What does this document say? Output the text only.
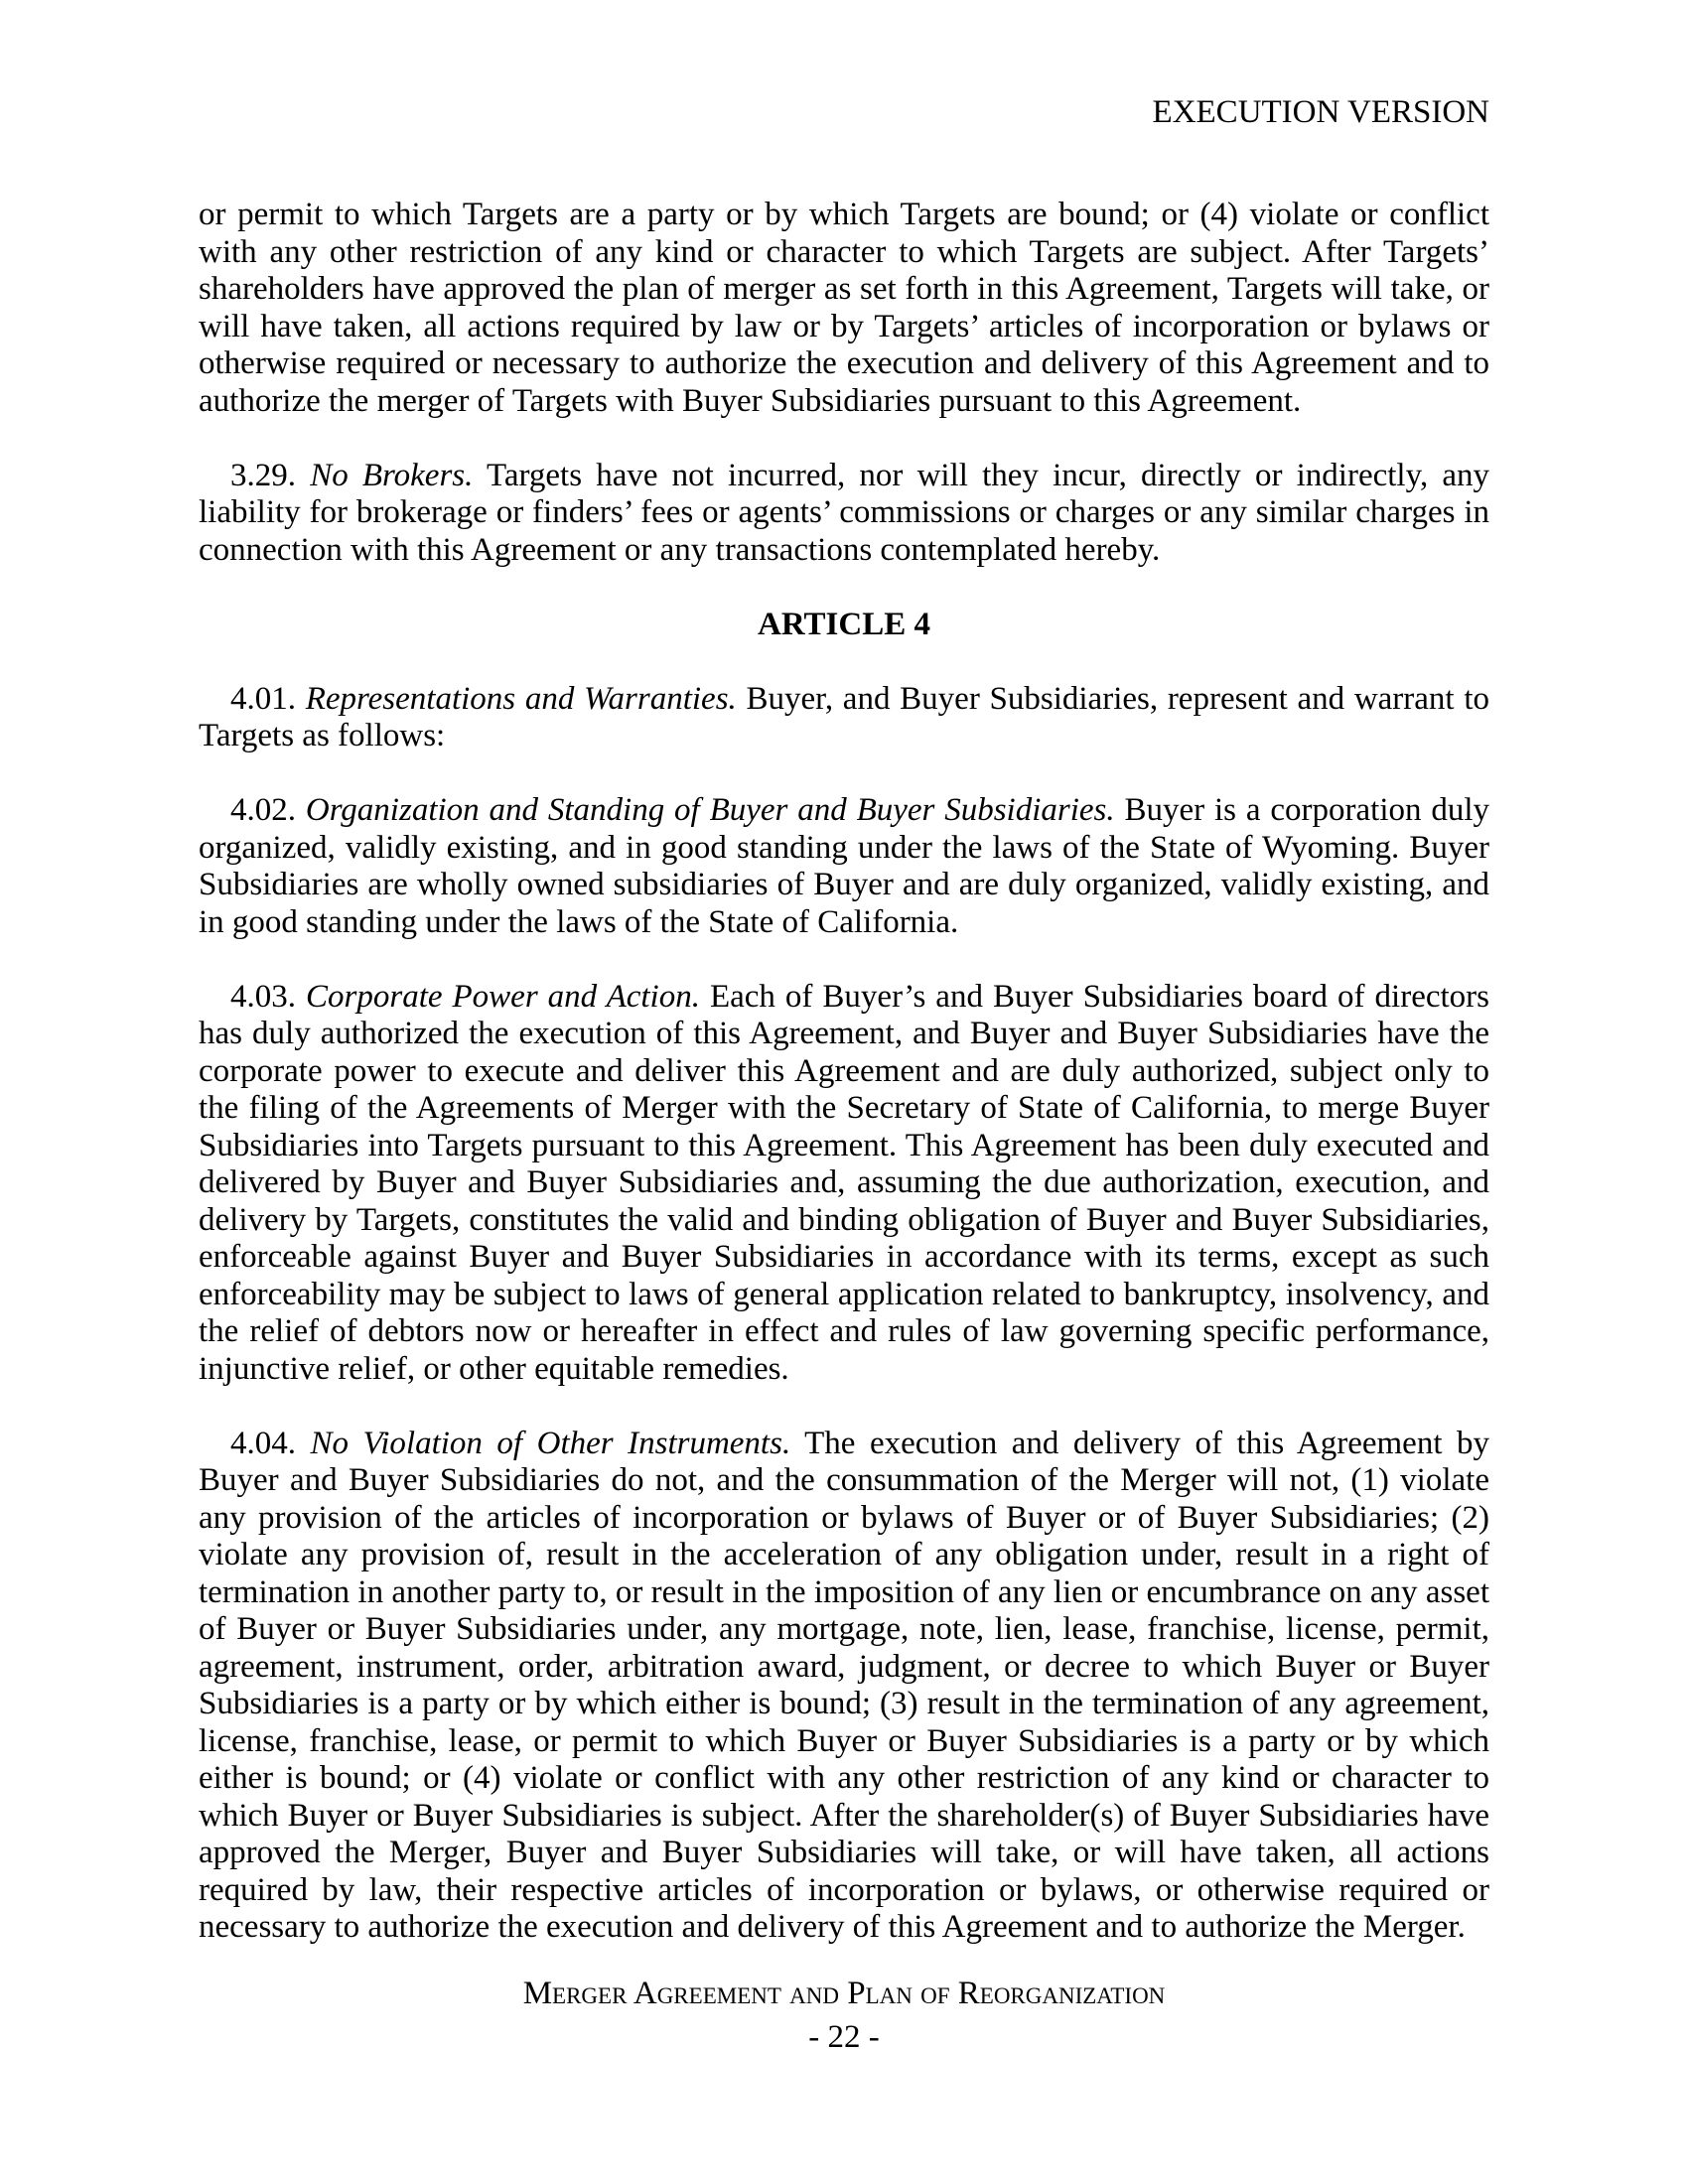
EXECUTION VERSION

or permit to which Targets are a party or by which Targets are bound; or (4) violate or conflict with any other restriction of any kind or character to which Targets are subject. After Targets’ shareholders have approved the plan of merger as set forth in this Agreement, Targets will take, or will have taken, all actions required by law or by Targets’ articles of incorporation or bylaws or otherwise required or necessary to authorize the execution and delivery of this Agreement and to authorize the merger of Targets with Buyer Subsidiaries pursuant to this Agreement.

3.29. No Brokers. Targets have not incurred, nor will they incur, directly or indirectly, any liability for brokerage or finders’ fees or agents’ commissions or charges or any similar charges in connection with this Agreement or any transactions contemplated hereby.

ARTICLE 4

4.01. Representations and Warranties. Buyer, and Buyer Subsidiaries, represent and warrant to Targets as follows:

4.02. Organization and Standing of Buyer and Buyer Subsidiaries. Buyer is a corporation duly organized, validly existing, and in good standing under the laws of the State of Wyoming. Buyer Subsidiaries are wholly owned subsidiaries of Buyer and are duly organized, validly existing, and in good standing under the laws of the State of California.

4.03. Corporate Power and Action. Each of Buyer’s and Buyer Subsidiaries board of directors has duly authorized the execution of this Agreement, and Buyer and Buyer Subsidiaries have the corporate power to execute and deliver this Agreement and are duly authorized, subject only to the filing of the Agreements of Merger with the Secretary of State of California, to merge Buyer Subsidiaries into Targets pursuant to this Agreement. This Agreement has been duly executed and delivered by Buyer and Buyer Subsidiaries and, assuming the due authorization, execution, and delivery by Targets, constitutes the valid and binding obligation of Buyer and Buyer Subsidiaries, enforceable against Buyer and Buyer Subsidiaries in accordance with its terms, except as such enforceability may be subject to laws of general application related to bankruptcy, insolvency, and the relief of debtors now or hereafter in effect and rules of law governing specific performance, injunctive relief, or other equitable remedies.

4.04. No Violation of Other Instruments. The execution and delivery of this Agreement by Buyer and Buyer Subsidiaries do not, and the consummation of the Merger will not, (1) violate any provision of the articles of incorporation or bylaws of Buyer or of Buyer Subsidiaries; (2) violate any provision of, result in the acceleration of any obligation under, result in a right of termination in another party to, or result in the imposition of any lien or encumbrance on any asset of Buyer or Buyer Subsidiaries under, any mortgage, note, lien, lease, franchise, license, permit, agreement, instrument, order, arbitration award, judgment, or decree to which Buyer or Buyer Subsidiaries is a party or by which either is bound; (3) result in the termination of any agreement, license, franchise, lease, or permit to which Buyer or Buyer Subsidiaries is a party or by which either is bound; or (4) violate or conflict with any other restriction of any kind or character to which Buyer or Buyer Subsidiaries is subject. After the shareholder(s) of Buyer Subsidiaries have approved the Merger, Buyer and Buyer Subsidiaries will take, or will have taken, all actions required by law, their respective articles of incorporation or bylaws, or otherwise required or necessary to authorize the execution and delivery of this Agreement and to authorize the Merger.

Merger Agreement and Plan of Reorganization
- 22 -
